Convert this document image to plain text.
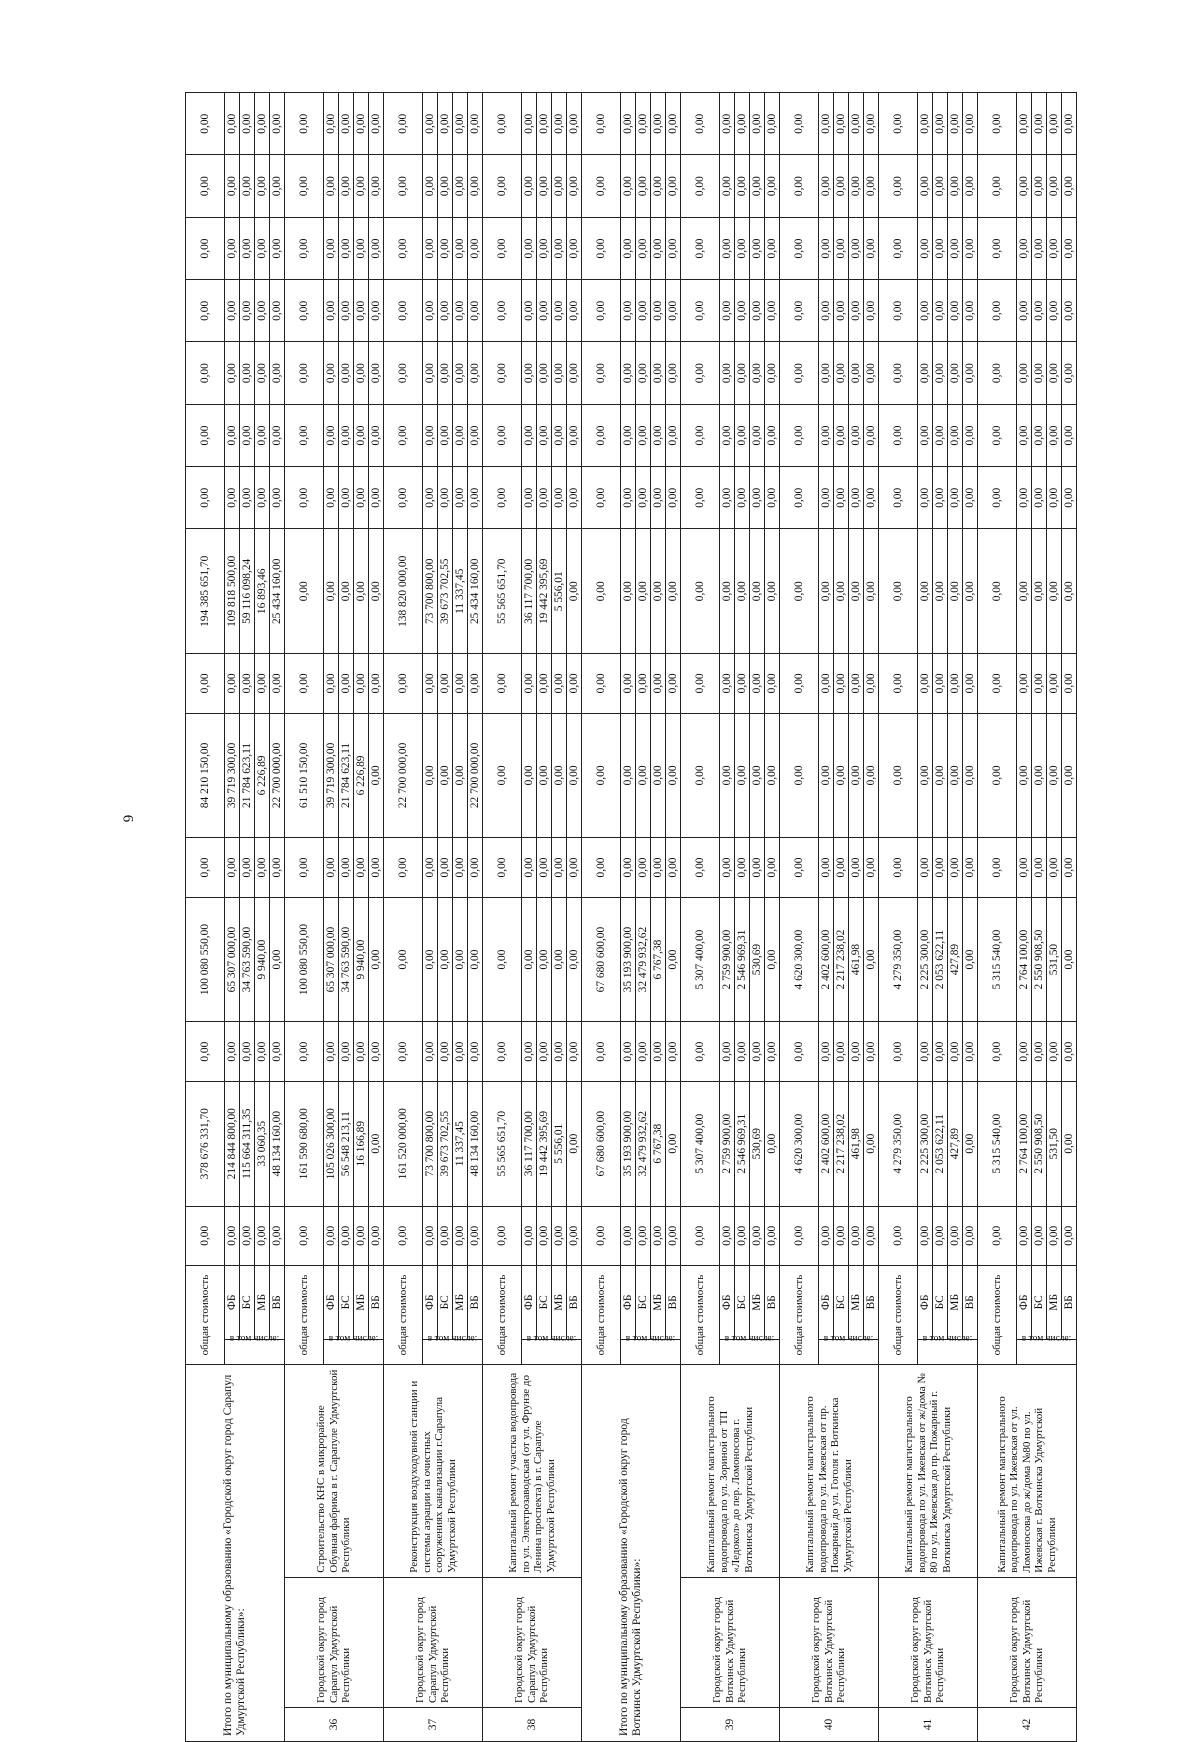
6
Итого по муниципальному образованию «Городской округ город Сарапул Удмуртской Республики»:			общая стоимость		0,00	378 676 331,70	0,00	100 080 550,00	0,00	84 210 150,00	0,00	194 385 651,70	0,00	0,00	0,00	0,00	0,00	0,00	0,00
			в том числе:	ФБ	0,00	214 844 800,00	0,00	65 307 000,00	0,00	39 719 300,00	0,00	109 818 500,00	0,00	0,00	0,00	0,00	0,00	0,00	0,00
				БС	0,00	115 664 311,35	0,00	34 763 590,00	0,00	21 784 623,11	0,00	59 116 098,24	0,00	0,00	0,00	0,00	0,00	0,00	0,00
				МБ	0,00	33 060,35	0,00	9 940,00	0,00	6 226,89	0,00	16 893,46	0,00	0,00	0,00	0,00	0,00	0,00	0,00
				ВБ	0,00	48 134 160,00	0,00	0,00	0,00	22 700 000,00	0,00	25 434 160,00	0,00	0,00	0,00	0,00	0,00	0,00	0,00
36	Городской округ город Сарапул Удмуртской Республики	Строительство КНС в микрорайоне Обувная фабрика в г. Сарапуле Удмуртской Республики	общая стоимость		0,00	161 590 680,00	0,00	100 080 550,00	0,00	61 510 150,00	0,00	0,00	0,00	0,00	0,00	0,00	0,00	0,00	0,00
			в том числе:	ФБ	0,00	105 026 300,00	0,00	65 307 000,00	0,00	39 719 300,00	0,00	0,00	0,00	0,00	0,00	0,00	0,00	0,00	0,00
				БС	0,00	56 548 213,11	0,00	34 763 590,00	0,00	21 784 623,11	0,00	0,00	0,00	0,00	0,00	0,00	0,00	0,00	0,00
				МБ	0,00	16 166,89	0,00	9 940,00	0,00	6 226,89	0,00	0,00	0,00	0,00	0,00	0,00	0,00	0,00	0,00
				ВБ	0,00	0,00	0,00	0,00	0,00	0,00	0,00	0,00	0,00	0,00	0,00	0,00	0,00	0,00	0,00
37	Городской округ город Сарапул Удмуртской Республики	Реконструкция воздуходувной станции и системы аэрации на очистных сооружениях канализации г.Сарапула Удмуртской Республики	общая стоимость		0,00	161 520 000,00	0,00	0,00	0,00	22 700 000,00	0,00	138 820 000,00	0,00	0,00	0,00	0,00	0,00	0,00	0,00
			в том числе:	ФБ	0,00	73 700 800,00	0,00	0,00	0,00	0,00	0,00	73 700 800,00	0,00	0,00	0,00	0,00	0,00	0,00	0,00
				БС	0,00	39 673 702,55	0,00	0,00	0,00	0,00	0,00	39 673 702,55	0,00	0,00	0,00	0,00	0,00	0,00	0,00
				МБ	0,00	11 337,45	0,00	0,00	0,00	0,00	0,00	11 337,45	0,00	0,00	0,00	0,00	0,00	0,00	0,00
				ВБ	0,00	48 134 160,00	0,00	0,00	0,00	22 700 000,00	0,00	25 434 160,00	0,00	0,00	0,00	0,00	0,00	0,00	0,00
38	Городской округ город Сарапул Удмуртской Республики	Капитальный ремонт участка водопровода по ул. Электрозаводская (от ул. Фрунзе до Ленина проспекта) в г. Сарапуле Удмуртской Республики	общая стоимость		0,00	55 565 651,70	0,00	0,00	0,00	0,00	0,00	55 565 651,70	0,00	0,00	0,00	0,00	0,00	0,00	0,00
			в том числе:	ФБ	0,00	36 117 700,00	0,00	0,00	0,00	0,00	0,00	36 117 700,00	0,00	0,00	0,00	0,00	0,00	0,00	0,00
				БС	0,00	19 442 395,69	0,00	0,00	0,00	0,00	0,00	19 442 395,69	0,00	0,00	0,00	0,00	0,00	0,00	0,00
				МБ	0,00	5 556,01	0,00	0,00	0,00	0,00	0,00	5 556,01	0,00	0,00	0,00	0,00	0,00	0,00	0,00
				ВБ	0,00	0,00	0,00	0,00	0,00	0,00	0,00	0,00	0,00	0,00	0,00	0,00	0,00	0,00	0,00
Итого по муниципальному образованию «Городской округ город Воткинск Удмуртской Республики»:			общая стоимость		0,00	67 680 600,00	0,00	67 680 600,00	0,00	0,00	0,00	0,00	0,00	0,00	0,00	0,00	0,00	0,00	0,00
			в том числе:	ФБ	0,00	35 193 900,00	0,00	35 193 900,00	0,00	0,00	0,00	0,00	0,00	0,00	0,00	0,00	0,00	0,00	0,00
				БС	0,00	32 479 932,62	0,00	32 479 932,62	0,00	0,00	0,00	0,00	0,00	0,00	0,00	0,00	0,00	0,00	0,00
				МБ	0,00	6 767,38	0,00	6 767,38	0,00	0,00	0,00	0,00	0,00	0,00	0,00	0,00	0,00	0,00	0,00
				ВБ	0,00	0,00	0,00	0,00	0,00	0,00	0,00	0,00	0,00	0,00	0,00	0,00	0,00	0,00	0,00
39	Городской округ город Воткинск Удмуртской Республики	Капитальный ремонт магистрального водопровода по ул. Зориной от ТП «Ледокол» до пер. Ломоносова г. Воткинска Удмуртской Республики	общая стоимость		0,00	5 307 400,00	0,00	5 307 400,00	0,00	0,00	0,00	0,00	0,00	0,00	0,00	0,00	0,00	0,00	0,00
			в том числе:	ФБ	0,00	2 759 900,00	0,00	2 759 900,00	0,00	0,00	0,00	0,00	0,00	0,00	0,00	0,00	0,00	0,00	0,00
				БС	0,00	2 546 969,31	0,00	2 546 969,31	0,00	0,00	0,00	0,00	0,00	0,00	0,00	0,00	0,00	0,00	0,00
				МБ	0,00	530,69	0,00	530,69	0,00	0,00	0,00	0,00	0,00	0,00	0,00	0,00	0,00	0,00	0,00
				ВБ	0,00	0,00	0,00	0,00	0,00	0,00	0,00	0,00	0,00	0,00	0,00	0,00	0,00	0,00	0,00
40	Городской округ город Воткинск Удмуртской Республики	Капитальный ремонт магистрального водопровода по ул. Ижевская от пр. Пожарный до ул. Гоголя г. Воткинска Удмуртской Республики	общая стоимость		0,00	4 620 300,00	0,00	4 620 300,00	0,00	0,00	0,00	0,00	0,00	0,00	0,00	0,00	0,00	0,00	0,00
			в том числе:	ФБ	0,00	2 402 600,00	0,00	2 402 600,00	0,00	0,00	0,00	0,00	0,00	0,00	0,00	0,00	0,00	0,00	0,00
				БС	0,00	2 217 238,02	0,00	2 217 238,02	0,00	0,00	0,00	0,00	0,00	0,00	0,00	0,00	0,00	0,00	0,00
				МБ	0,00	461,98	0,00	461,98	0,00	0,00	0,00	0,00	0,00	0,00	0,00	0,00	0,00	0,00	0,00
				ВБ	0,00	0,00	0,00	0,00	0,00	0,00	0,00	0,00	0,00	0,00	0,00	0,00	0,00	0,00	0,00
41	Городской округ город Воткинск Удмуртской Республики	Капитальный ремонт магистрального водопровода по ул. Ижевская от ж/дома № 80 по ул. Ижевская до пр. Пожарный г. Воткинска Удмуртской Республики	общая стоимость		0,00	4 279 350,00	0,00	4 279 350,00	0,00	0,00	0,00	0,00	0,00	0,00	0,00	0,00	0,00	0,00	0,00
			в том числе:	ФБ	0,00	2 225 300,00	0,00	2 225 300,00	0,00	0,00	0,00	0,00	0,00	0,00	0,00	0,00	0,00	0,00	0,00
				БС	0,00	2 053 622,11	0,00	2 053 622,11	0,00	0,00	0,00	0,00	0,00	0,00	0,00	0,00	0,00	0,00	0,00
				МБ	0,00	427,89	0,00	427,89	0,00	0,00	0,00	0,00	0,00	0,00	0,00	0,00	0,00	0,00	0,00
				ВБ	0,00	0,00	0,00	0,00	0,00	0,00	0,00	0,00	0,00	0,00	0,00	0,00	0,00	0,00	0,00
42	Городской округ город Воткинск Удмуртской Республики	Капитальный ремонт магистрального водопровода по ул. Ижевская от ул. Ломоносова до ж/дома №80 по ул. Ижевская г. Воткинска Удмуртской Республики	общая стоимость		0,00	5 315 540,00	0,00	5 315 540,00	0,00	0,00	0,00	0,00	0,00	0,00	0,00	0,00	0,00	0,00	0,00
			в том числе:	ФБ	0,00	2 764 100,00	0,00	2 764 100,00	0,00	0,00	0,00	0,00	0,00	0,00	0,00	0,00	0,00	0,00	0,00
				БС	0,00	2 550 908,50	0,00	2 550 908,50	0,00	0,00	0,00	0,00	0,00	0,00	0,00	0,00	0,00	0,00	0,00
				МБ	0,00	531,50	0,00	531,50	0,00	0,00	0,00	0,00	0,00	0,00	0,00	0,00	0,00	0,00	0,00
				ВБ	0,00	0,00	0,00	0,00	0,00	0,00	0,00	0,00	0,00	0,00	0,00	0,00	0,00	0,00	0,00
